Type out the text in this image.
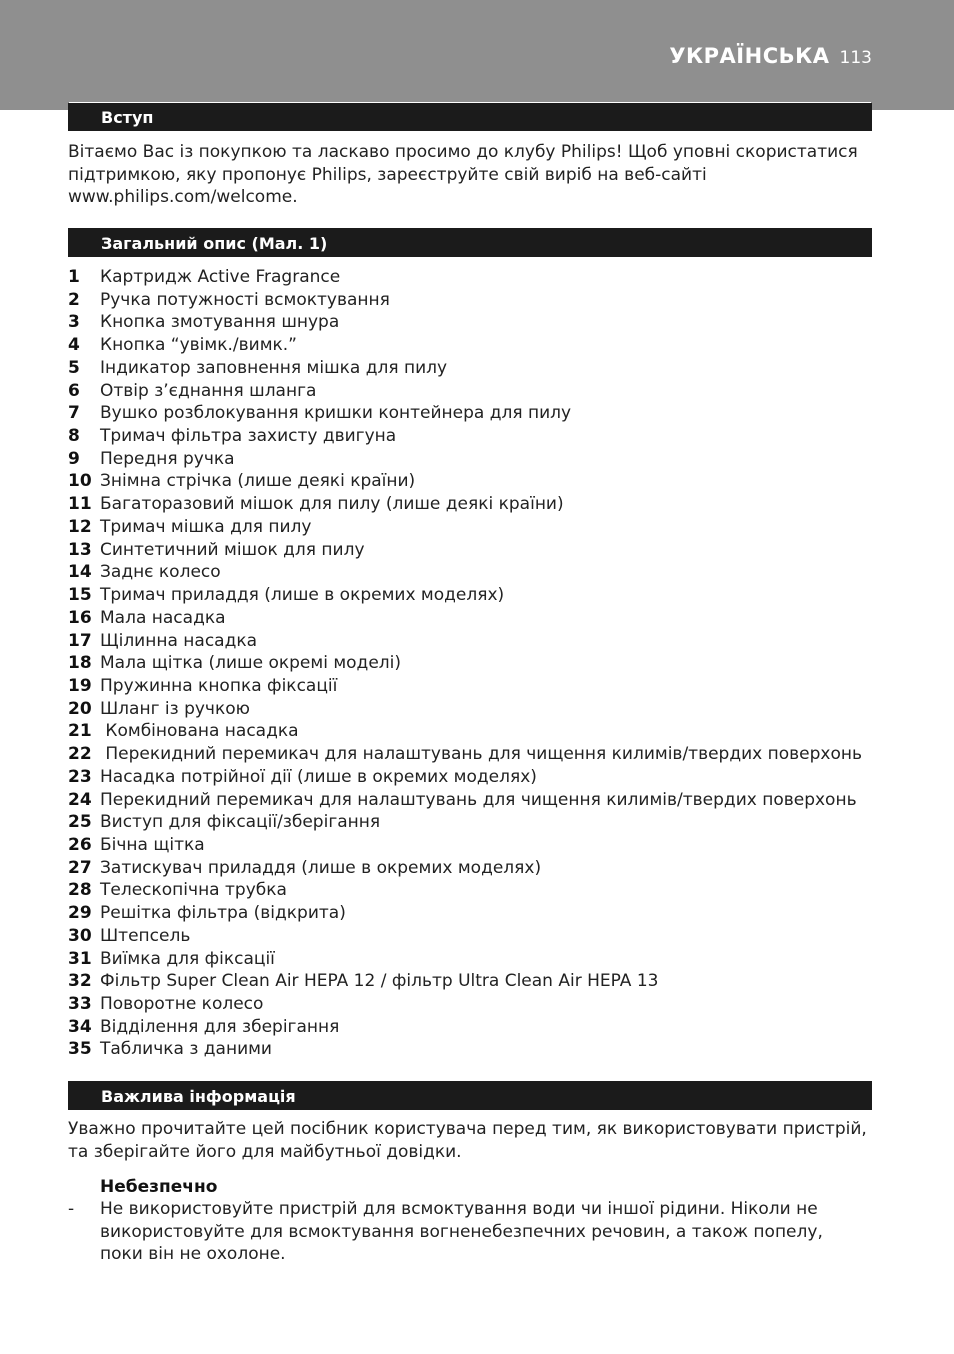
УКРАЇНСЬКА 113
Вступ
Вітаємо Вас із покупкою та ласкаво просимо до клубу Philips! Щоб уповні скористатися підтримкою, яку пропонує Philips, зареєструйте свій виріб на веб-сайті www.philips.com/welcome.
Загальний опис (Мал. 1)
1	Картридж Active Fragrance
2	Ручка потужності всмоктування
3	Кнопка змотування шнура
4	Кнопка “увімк./вимк.”
5	Індикатор заповнення мішка для пилу
6	Отвір з’єднання шланга
7	Вушко розблокування кришки контейнера для пилу
8	Тримач фільтра захисту двигуна
9	Передня ручка
10 Знімна стрічка (лише деякі країни)
11 Багаторазовий мішок для пилу (лише деякі країни)
12 Тримач мішка для пилу
13 Синтетичний мішок для пилу
14 Заднє колесо
15 Тримач приладдя (лише в окремих моделях)
16 Мала насадка
17 Щілинна насадка
18 Мала щітка (лише окремі моделі)
19 Пружинна кнопка фіксації
20 Шланг із ручкою
21 Комбінована насадка
22 Перекидний перемикач для налаштувань для чищення килимів/твердих поверхонь
23 Насадка потрійної дії (лише в окремих моделях)
24 Перекидний перемикач для налаштувань для чищення килимів/твердих поверхонь
25 Виступ для фіксації/зберігання
26 Бічна щітка
27 Затискувач приладдя (лише в окремих моделях)
28 Телескопічна трубка
29 Решітка фільтра (відкрита)
30 Штепсель
31 Виїмка для фіксації
32 Фільтр Super Clean Air HEPA 12 / фільтр Ultra Clean Air HEPA 13
33 Поворотне колесо
34 Відділення для зберігання
35 Табличка з даними
Важлива інформація
Уважно прочитайте цей посібник користувача перед тим, як використовувати пристрій, та зберігайте його для майбутньої довідки.
Небезпечно
-	Не використовуйте пристрій для всмоктування води чи іншої рідини. Ніколи не використовуйте для всмоктування вогненебезпечних речовин, а також попелу, поки він не охолоне.
